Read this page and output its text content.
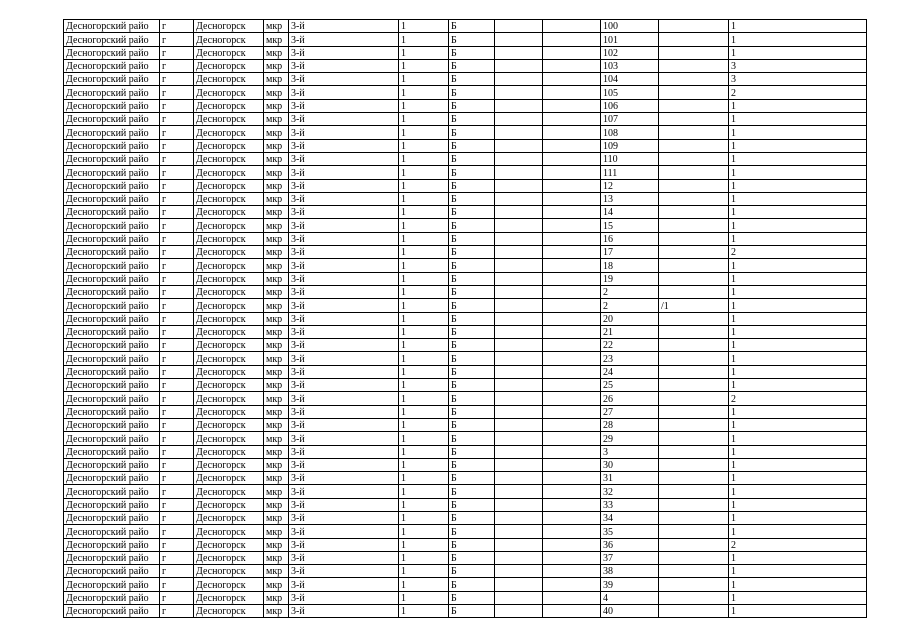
Десногорский райо	г	Десногорск	мкр	3-й	1	Б			100		1
Десногорский райо	г	Десногорск	мкр	3-й	1	Б			101		1
Десногорский райо	г	Десногорск	мкр	3-й	1	Б			102		1
Десногорский райо	г	Десногорск	мкр	3-й	1	Б			103		3
Десногорский райо	г	Десногорск	мкр	3-й	1	Б			104		3
Десногорский райо	г	Десногорск	мкр	3-й	1	Б			105		2
Десногорский райо	г	Десногорск	мкр	3-й	1	Б			106		1
Десногорский райо	г	Десногорск	мкр	3-й	1	Б			107		1
Десногорский райо	г	Десногорск	мкр	3-й	1	Б			108		1
Десногорский райо	г	Десногорск	мкр	3-й	1	Б			109		1
Десногорский райо	г	Десногорск	мкр	3-й	1	Б			110		1
Десногорский райо	г	Десногорск	мкр	3-й	1	Б			111		1
Десногорский райо	г	Десногорск	мкр	3-й	1	Б			12		1
Десногорский райо	г	Десногорск	мкр	3-й	1	Б			13		1
Десногорский райо	г	Десногорск	мкр	3-й	1	Б			14		1
Десногорский райо	г	Десногорск	мкр	3-й	1	Б			15		1
Десногорский райо	г	Десногорск	мкр	3-й	1	Б			16		1
Десногорский райо	г	Десногорск	мкр	3-й	1	Б			17		2
Десногорский райо	г	Десногорск	мкр	3-й	1	Б			18		1
Десногорский райо	г	Десногорск	мкр	3-й	1	Б			19		1
Десногорский райо	г	Десногорск	мкр	3-й	1	Б			2		1
Десногорский райо	г	Десногорск	мкр	3-й	1	Б			2	/1	1
Десногорский райо	г	Десногорск	мкр	3-й	1	Б			20		1
Десногорский райо	г	Десногорск	мкр	3-й	1	Б			21		1
Десногорский райо	г	Десногорск	мкр	3-й	1	Б			22		1
Десногорский райо	г	Десногорск	мкр	3-й	1	Б			23		1
Десногорский райо	г	Десногорск	мкр	3-й	1	Б			24		1
Десногорский райо	г	Десногорск	мкр	3-й	1	Б			25		1
Десногорский райо	г	Десногорск	мкр	3-й	1	Б			26		2
Десногорский райо	г	Десногорск	мкр	3-й	1	Б			27		1
Десногорский райо	г	Десногорск	мкр	3-й	1	Б			28		1
Десногорский райо	г	Десногорск	мкр	3-й	1	Б			29		1
Десногорский райо	г	Десногорск	мкр	3-й	1	Б			3		1
Десногорский райо	г	Десногорск	мкр	3-й	1	Б			30		1
Десногорский райо	г	Десногорск	мкр	3-й	1	Б			31		1
Десногорский райо	г	Десногорск	мкр	3-й	1	Б			32		1
Десногорский райо	г	Десногорск	мкр	3-й	1	Б			33		1
Десногорский райо	г	Десногорск	мкр	3-й	1	Б			34		1
Десногорский райо	г	Десногорск	мкр	3-й	1	Б			35		1
Десногорский райо	г	Десногорск	мкр	3-й	1	Б			36		2
Десногорский райо	г	Десногорск	мкр	3-й	1	Б			37		1
Десногорский райо	г	Десногорск	мкр	3-й	1	Б			38		1
Десногорский райо	г	Десногорск	мкр	3-й	1	Б			39		1
Десногорский райо	г	Десногорск	мкр	3-й	1	Б			4		1
Десногорский райо	г	Десногорск	мкр	3-й	1	Б			40		1
